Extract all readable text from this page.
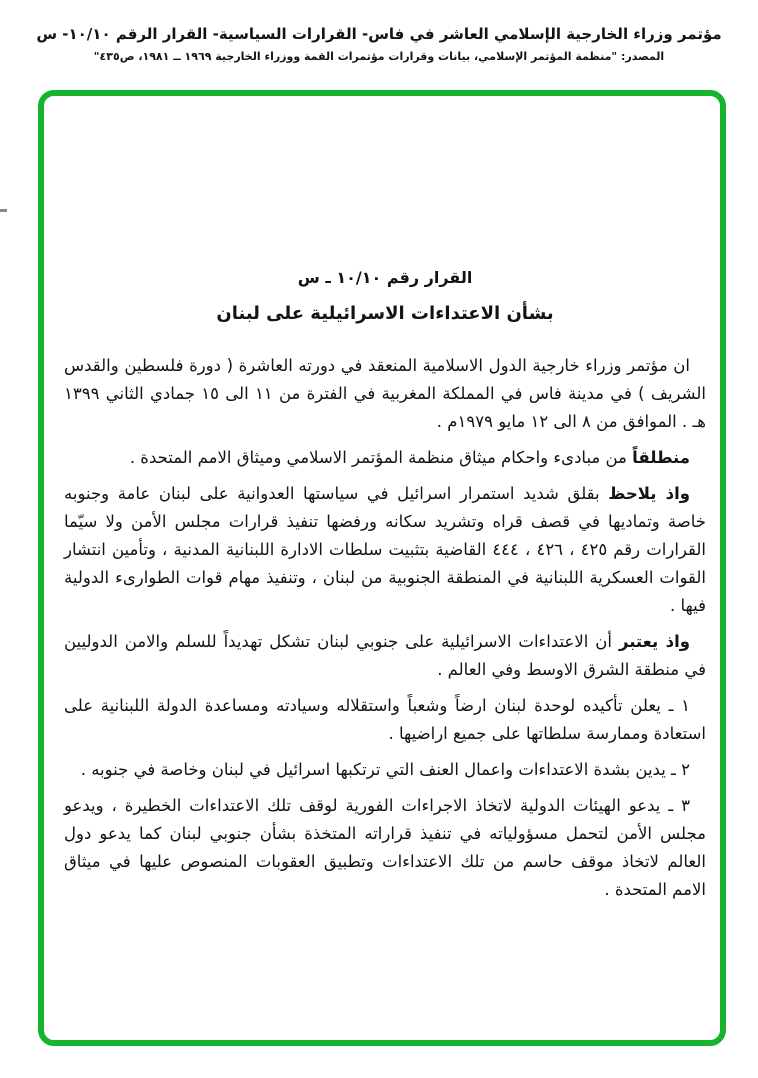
مؤتمر وزراء الخارجية الإسلامي العاشر في فاس- القرارات السياسية- القرار الرقم ١٠/١٠- س
المصدر: "منظمة المؤتمر الإسلامي، بيانات وقرارات مؤتمرات القمة ووزراء الخارجية ١٩٦٩ ــ ١٩٨١، ص٤٣٥"
القرار رقم ١٠/١٠ ـ س
بشأن الاعتداءات الاسرائيلية على لبنان

ان مؤتمر وزراء خارجية الدول الاسلامية المنعقد في دورته العاشرة ( دورة فلسطين والقدس الشريف ) في مدينة فاس في المملكة المغربية في الفترة من ١١ الى ١٥ جمادي الثاني ١٣٩٩ هـ . الموافق من ٨ الى ١٢ مايو ١٩٧٩م .

منطلقاً من مبادىء واحكام ميثاق منظمة المؤتمر الاسلامي وميثاق الامم المتحدة .

واذ يلاحظ بقلق شديد استمرار اسرائيل في سياستها العدوانية على لبنان عامة وجنوبه خاصة وتماديها في قصف قراه وتشريد سكانه ورفضها تنفيذ قرارات مجلس الأمن ولا سيّما القرارات رقم ٤٢٥ ، ٤٢٦ ، ٤٤٤ القاضية بتثبيت سلطات الادارة اللبنانية المدنية ، وتأمين انتشار القوات العسكرية اللبنانية في المنطقة الجنوبية من لبنان ، وتنفيذ مهام قوات الطوارىء الدولية فيها .

واذ يعتبر أن الاعتداءات الاسرائيلية على جنوبي لبنان تشكل تهديداً للسلم والامن الدوليين في منطقة الشرق الاوسط وفي العالم .

١ ـ يعلن تأكيده لوحدة لبنان ارضاً وشعباً واستقلاله وسيادته ومساعدة الدولة اللبنانية على استعادة وممارسة سلطاتها على جميع اراضيها .

٢ ـ يدين بشدة الاعتداءات واعمال العنف التي ترتكبها اسرائيل في لبنان وخاصة في جنوبه .

٣ ـ يدعو الهيئات الدولية لاتخاذ الاجراءات الفورية لوقف تلك الاعتداءات الخطيرة ، ويدعو مجلس الأمن لتحمل مسؤولياته في تنفيذ قراراته المتخذة بشأن جنوبي لبنان كما يدعو دول العالم لاتخاذ موقف حاسم من تلك الاعتداءات وتطبيق العقوبات المنصوص عليها في ميثاق الامم المتحدة .
